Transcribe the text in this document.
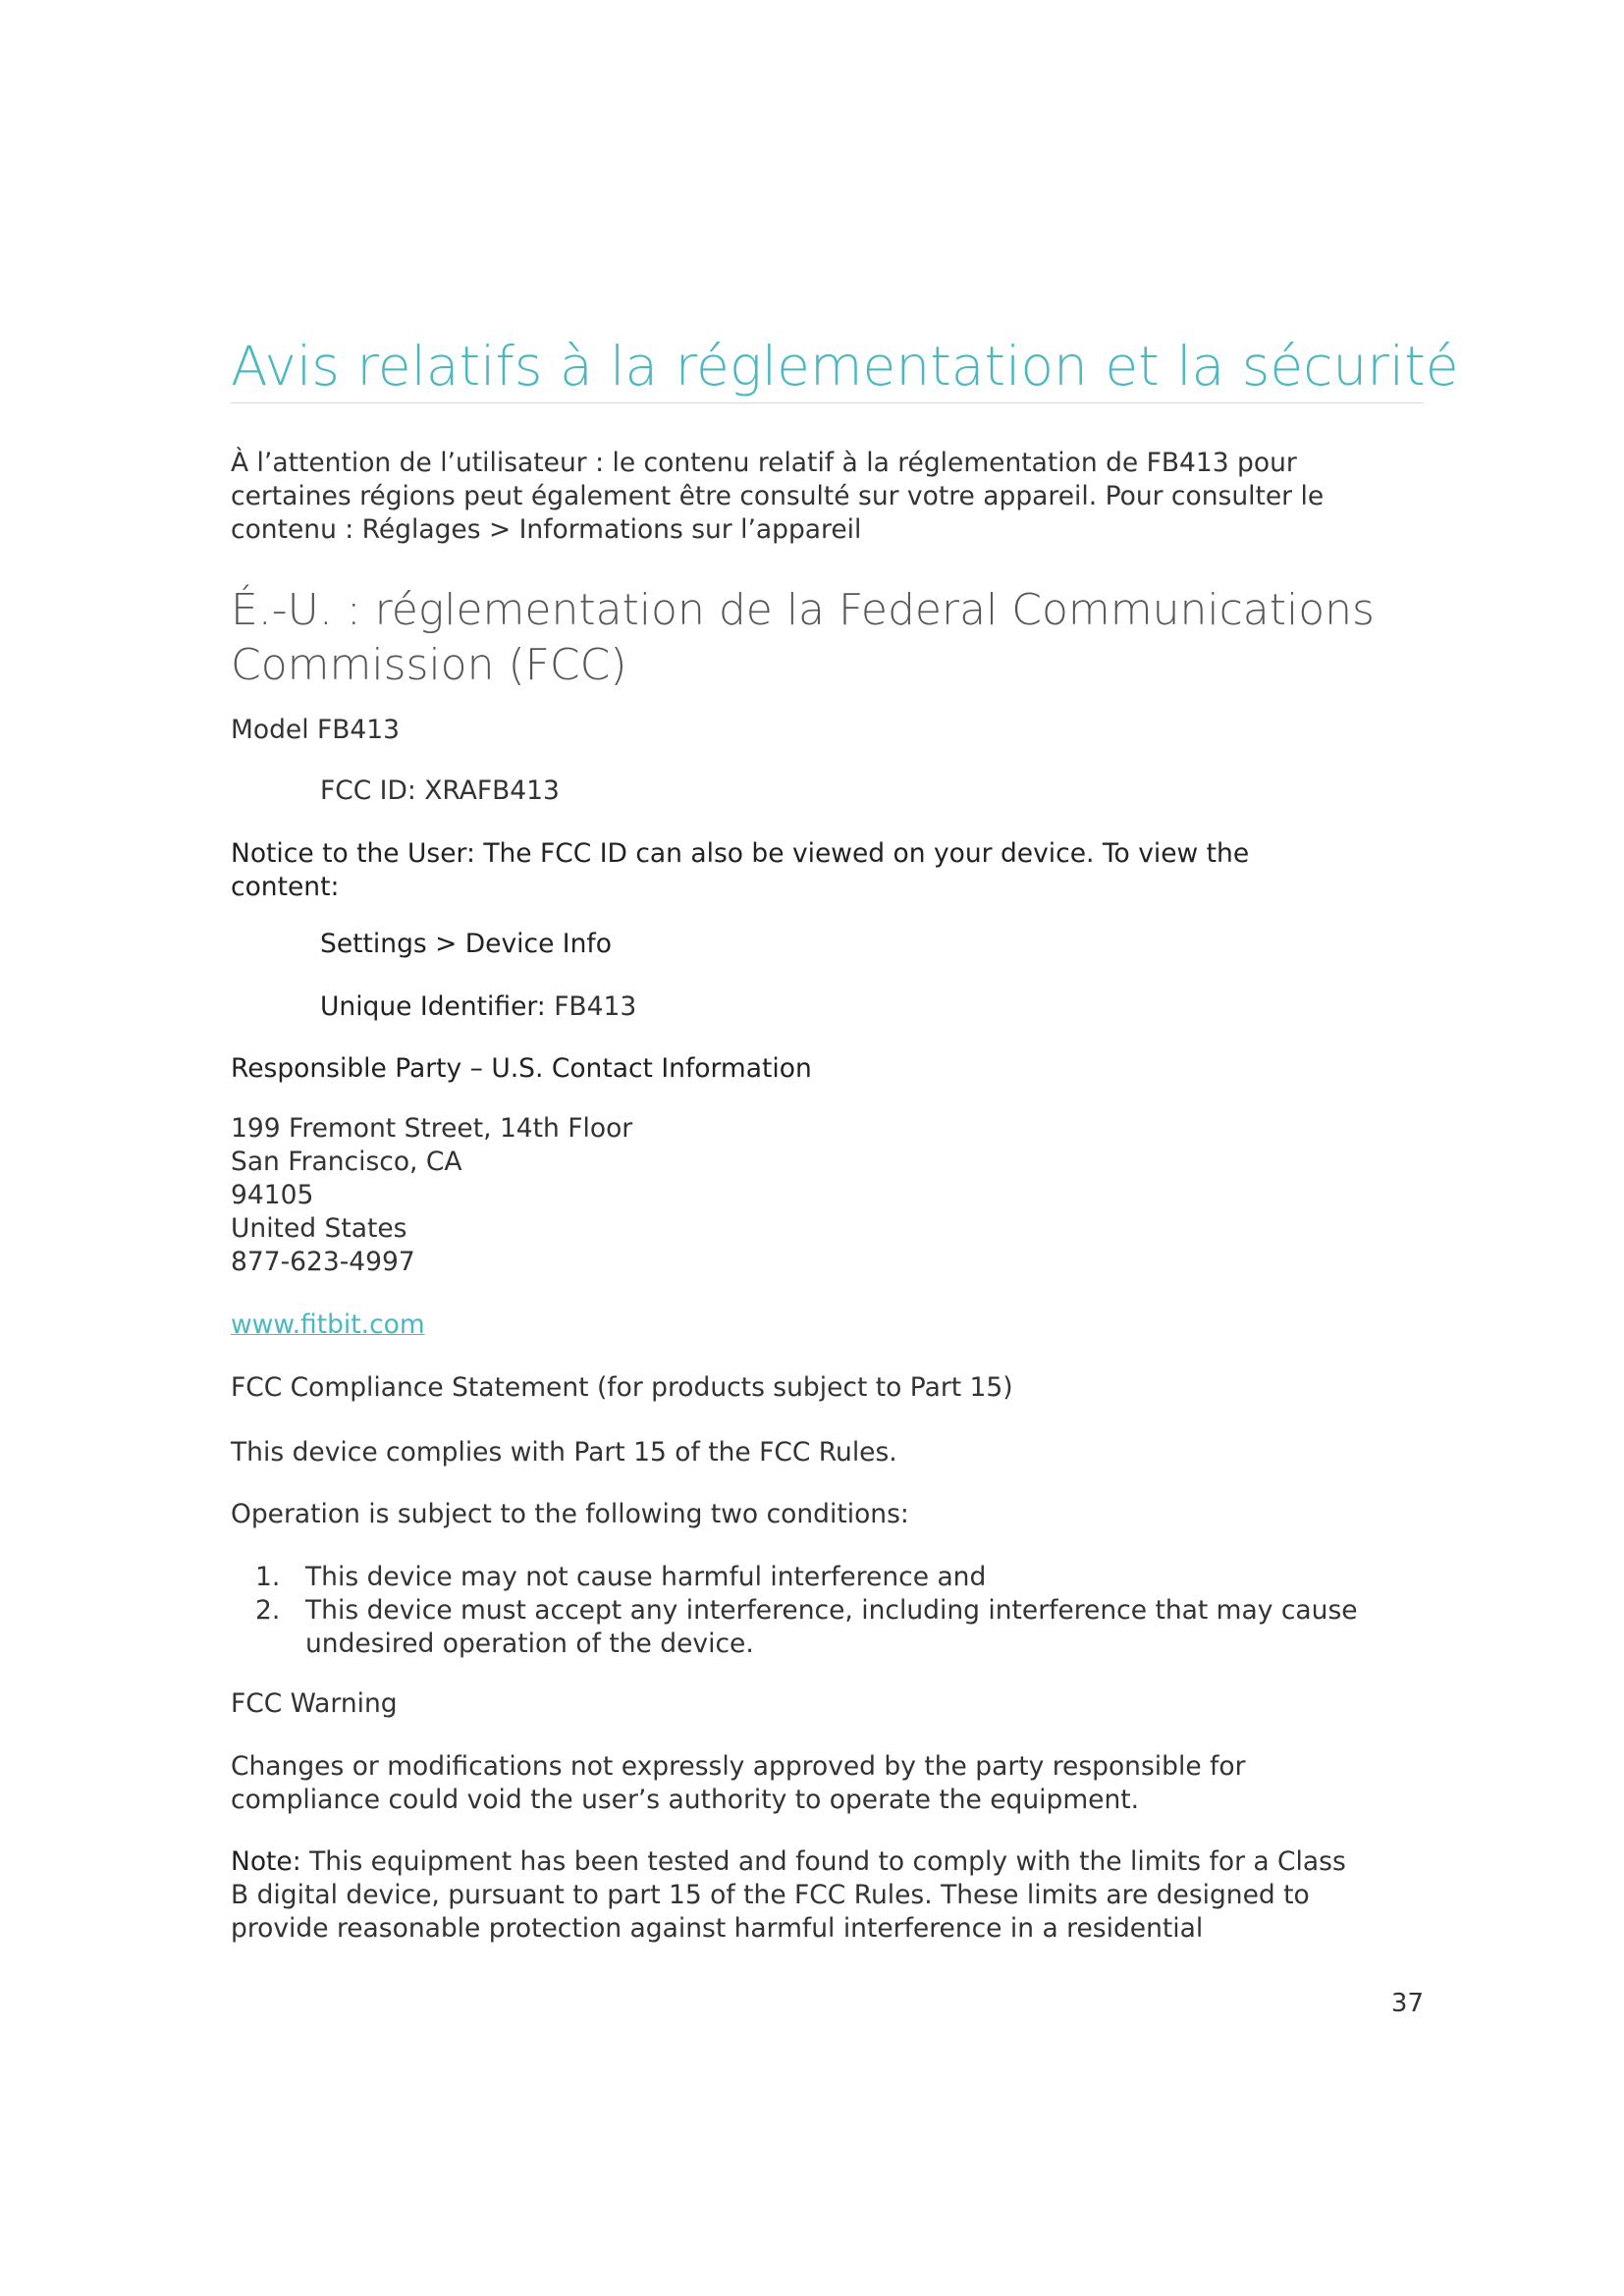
Avis relatifs à la réglementation et la sécurité
À l’attention de l’utilisateur : le contenu relatif à la réglementation de FB413 pour
certaines régions peut également être consulté sur votre appareil. Pour consulter le
contenu : Réglages > Informations sur l’appareil
É.-U. : réglementation de la Federal Communications
Commission (FCC)
Model FB413
FCC ID: XRAFB413
Notice to the User: The FCC ID can also be viewed on your device. To view the
content:
Settings > Device Info
Unique Identifier: FB413
Responsible Party – U.S. Contact Information
199 Fremont Street, 14th Floor
San Francisco, CA
94105
United States
877-623-4997
www.fitbit.com
FCC Compliance Statement (for products subject to Part 15)
This device complies with Part 15 of the FCC Rules.
Operation is subject to the following two conditions:
1. This device may not cause harmful interference and
2. This device must accept any interference, including interference that may cause
undesired operation of the device.
FCC Warning
Changes or modifications not expressly approved by the party responsible for
compliance could void the user’s authority to operate the equipment.
Note: This equipment has been tested and found to comply with the limits for a Class
B digital device, pursuant to part 15 of the FCC Rules. These limits are designed to
provide reasonable protection against harmful interference in a residential
37
